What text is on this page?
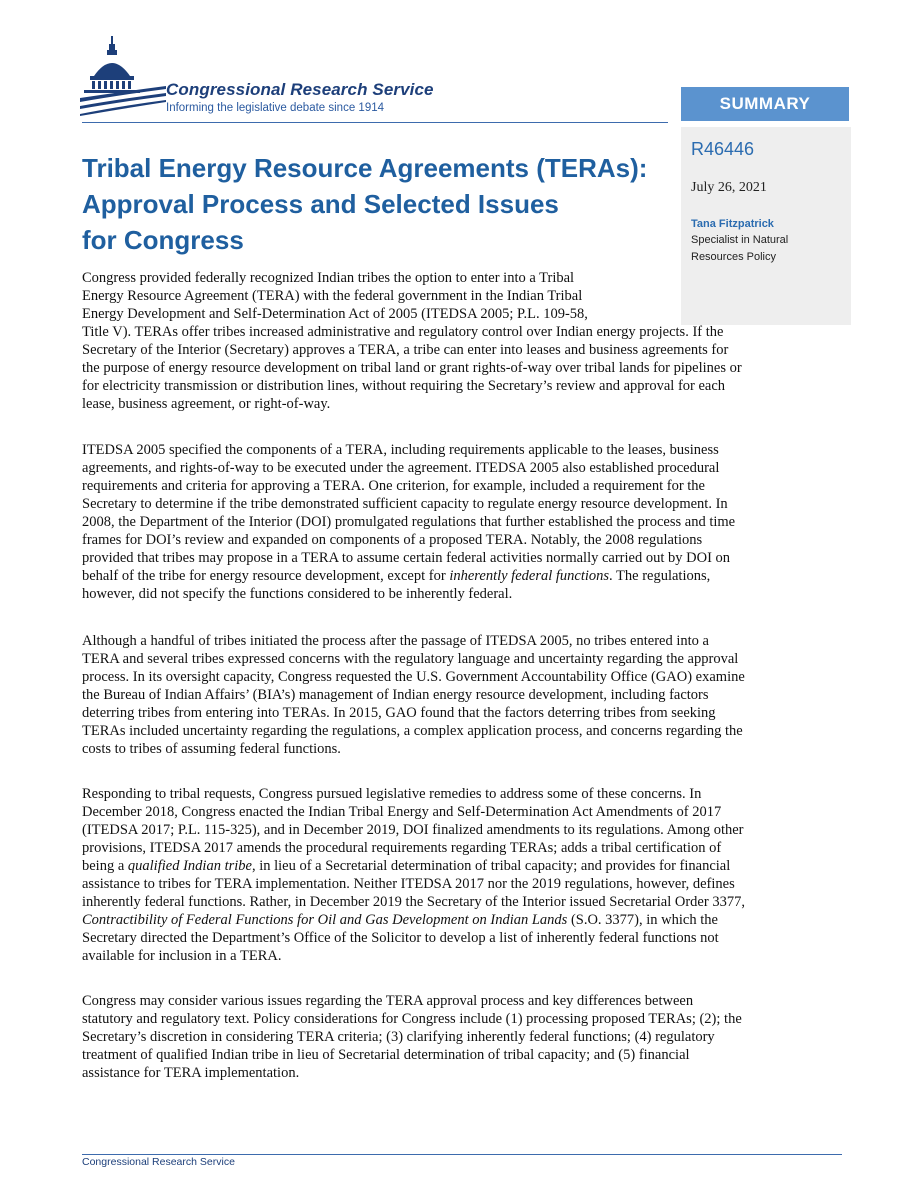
Congressional Research Service
Informing the legislative debate since 1914	SUMMARY
R46446
July 26, 2021
Tana Fitzpatrick
Specialist in Natural
Resources Policy
Tribal Energy Resource Agreements (TERAs):
Approval Process and Selected Issues
for Congress
Congress provided federally recognized Indian tribes the option to enter into a Tribal
Energy Resource Agreement (TERA) with the federal government in the Indian Tribal
Energy Development and Self-Determination Act of 2005 (ITEDSA 2005; P.L. 109-58,
Title V). TERAs offer tribes increased administrative and regulatory control over Indian energy projects. If the
Secretary of the Interior (Secretary) approves a TERA, a tribe can enter into leases and business agreements for
the purpose of energy resource development on tribal land or grant rights-of-way over tribal lands for pipelines or
for electricity transmission or distribution lines, without requiring the Secretary’s review and approval for each
lease, business agreement, or right-of-way.
ITEDSA 2005 specified the components of a TERA, including requirements applicable to the leases, business
agreements, and rights-of-way to be executed under the agreement. ITEDSA 2005 also established procedural
requirements and criteria for approving a TERA. One criterion, for example, included a requirement for the
Secretary to determine if the tribe demonstrated sufficient capacity to regulate energy resource development. In
2008, the Department of the Interior (DOI) promulgated regulations that further established the process and time
frames for DOI’s review and expanded on components of a proposed TERA. Notably, the 2008 regulations
provided that tribes may propose in a TERA to assume certain federal activities normally carried out by DOI on
behalf of the tribe for energy resource development, except for inherently federal functions. The regulations,
however, did not specify the functions considered to be inherently federal.
Although a handful of tribes initiated the process after the passage of ITEDSA 2005, no tribes entered into a
TERA and several tribes expressed concerns with the regulatory language and uncertainty regarding the approval
process. In its oversight capacity, Congress requested the U.S. Government Accountability Office (GAO) examine
the Bureau of Indian Affairs’ (BIA’s) management of Indian energy resource development, including factors
deterring tribes from entering into TERAs. In 2015, GAO found that the factors deterring tribes from seeking
TERAs included uncertainty regarding the regulations, a complex application process, and concerns regarding the
costs to tribes of assuming federal functions.
Responding to tribal requests, Congress pursued legislative remedies to address some of these concerns. In
December 2018, Congress enacted the Indian Tribal Energy and Self-Determination Act Amendments of 2017
(ITEDSA 2017; P.L. 115-325), and in December 2019, DOI finalized amendments to its regulations. Among other
provisions, ITEDSA 2017 amends the procedural requirements regarding TERAs; adds a tribal certification of
being a qualified Indian tribe, in lieu of a Secretarial determination of tribal capacity; and provides for financial
assistance to tribes for TERA implementation. Neither ITEDSA 2017 nor the 2019 regulations, however, defines
inherently federal functions. Rather, in December 2019 the Secretary of the Interior issued Secretarial Order 3377,
Contractibility of Federal Functions for Oil and Gas Development on Indian Lands (S.O. 3377), in which the
Secretary directed the Department’s Office of the Solicitor to develop a list of inherently federal functions not
available for inclusion in a TERA.
Congress may consider various issues regarding the TERA approval process and key differences between
statutory and regulatory text. Policy considerations for Congress include (1) processing proposed TERAs; (2); the
Secretary’s discretion in considering TERA criteria; (3) clarifying inherently federal functions; (4) regulatory
treatment of qualified Indian tribe in lieu of Secretarial determination of tribal capacity; and (5) financial
assistance for TERA implementation.
Congressional Research Service
